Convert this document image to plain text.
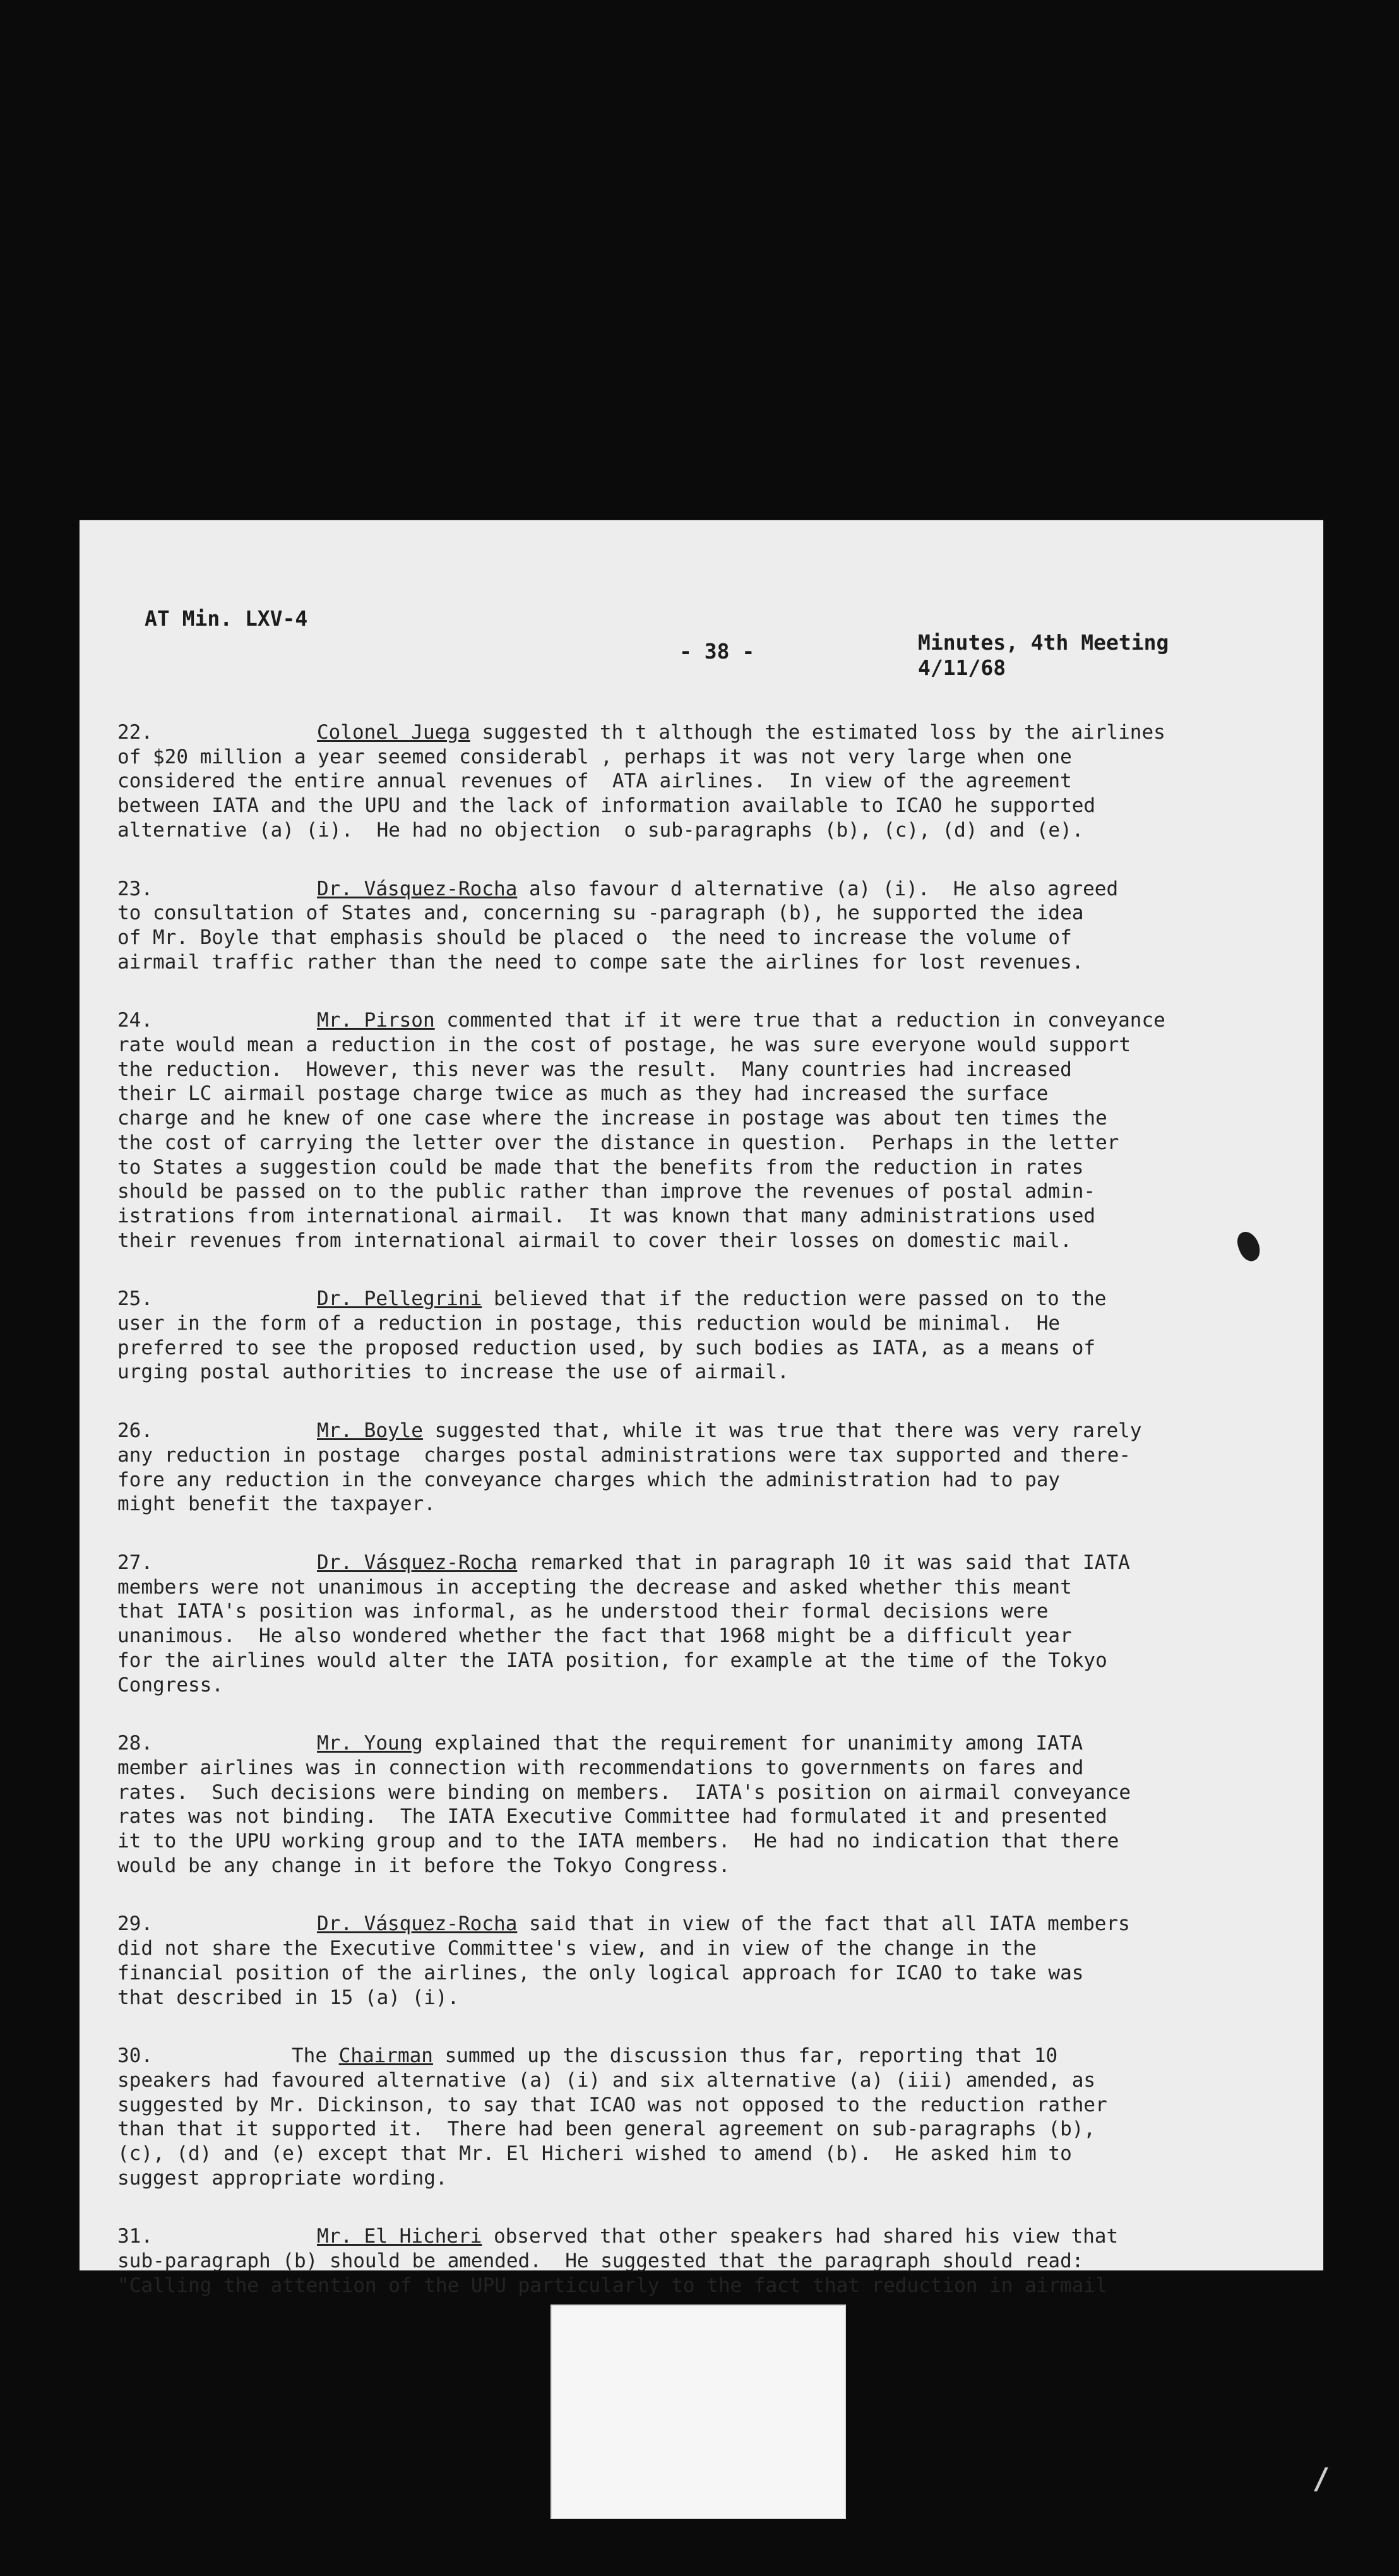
AT Min. LXV-4
- 38 -	Minutes, 4th Meeting
4/11/68
22.	Colonel Juega suggested th t although the estimated loss by the airlines
of $20 million a year seemed considerabl , perhaps it was not very large when one
considered the entire annual revenues of  ATA airlines.  In view of the agreement
between IATA and the UPU and the lack of information available to ICAO he supported
alternative (a) (i).  He had no objection  o sub-paragraphs (b), (c), (d) and (e).
23.	Dr. Vásquez-Rocha also favour d alternative (a) (i).  He also agreed
to consultation of States and, concerning su -paragraph (b), he supported the idea
of Mr. Boyle that emphasis should be placed o  the need to increase the volume of
airmail traffic rather than the need to compe sate the airlines for lost revenues.
24.	Mr. Pirson commented that if it were true that a reduction in conveyance
rate would mean a reduction in the cost of postage, he was sure everyone would support
the reduction.  However, this never was the result.  Many countries had increased
their LC airmail postage charge twice as much as they had increased the surface
charge and he knew of one case where the increase in postage was about ten times the
the cost of carrying the letter over the distance in question.  Perhaps in the letter
to States a suggestion could be made that the benefits from the reduction in rates
should be passed on to the public rather than improve the revenues of postal admin-
istrations from international airmail.  It was known that many administrations used
their revenues from international airmail to cover their losses on domestic mail.
25.	Dr. Pellegrini believed that if the reduction were passed on to the
user in the form of a reduction in postage, this reduction would be minimal.  He
preferred to see the proposed reduction used, by such bodies as IATA, as a means of
urging postal authorities to increase the use of airmail.
26.	Mr. Boyle suggested that, while it was true that there was very rarely
any reduction in postage  charges postal administrations were tax supported and there-
fore any reduction in the conveyance charges which the administration had to pay
might benefit the taxpayer.
27.	Dr. Vásquez-Rocha remarked that in paragraph 10 it was said that IATA
members were not unanimous in accepting the decrease and asked whether this meant
that IATA's position was informal, as he understood their formal decisions were
unanimous.  He also wondered whether the fact that 1968 might be a difficult year
for the airlines would alter the IATA position, for example at the time of the Tokyo
Congress.
28.	Mr. Young explained that the requirement for unanimity among IATA
member airlines was in connection with recommendations to governments on fares and
rates.  Such decisions were binding on members.  IATA's position on airmail conveyance
rates was not binding.  The IATA Executive Committee had formulated it and presented
it to the UPU working group and to the IATA members.  He had no indication that there
would be any change in it before the Tokyo Congress.
29.	Dr. Vásquez-Rocha said that in view of the fact that all IATA members
did not share the Executive Committee's view, and in view of the change in the
financial position of the airlines, the only logical approach for ICAO to take was
that described in 15 (a) (i).
30.	The Chairman summed up the discussion thus far, reporting that 10
speakers had favoured alternative (a) (i) and six alternative (a) (iii) amended, as
suggested by Mr. Dickinson, to say that ICAO was not opposed to the reduction rather
than that it supported it.  There had been general agreement on sub-paragraphs (b),
(c), (d) and (e) except that Mr. El Hicheri wished to amend (b).  He asked him to
suggest appropriate wording.
31.	Mr. El Hicheri observed that other speakers had shared his view that
sub-paragraph (b) should be amended.  He suggested that the paragraph should read:
"Calling the attention of the UPU particularly to the fact that reduction in airmail
